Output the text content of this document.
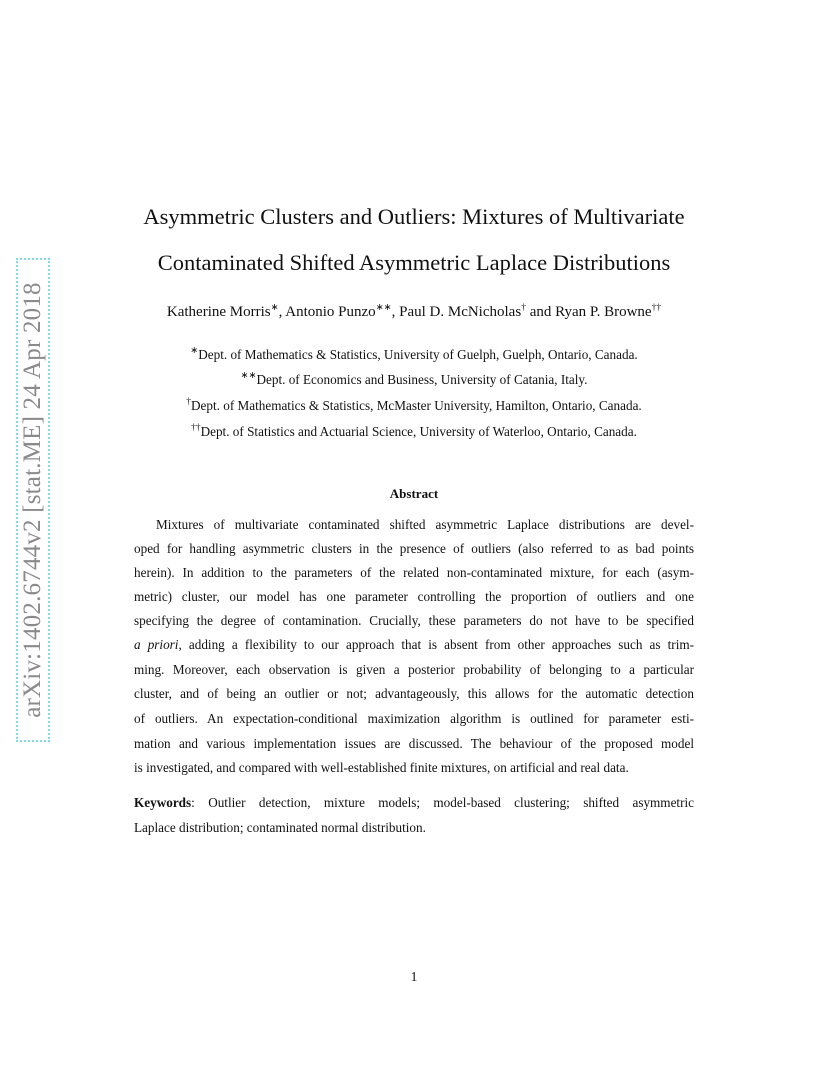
arXiv:1402.6744v2 [stat.ME] 24 Apr 2018
Asymmetric Clusters and Outliers: Mixtures of Multivariate
Contaminated Shifted Asymmetric Laplace Distributions
Katherine Morris∗, Antonio Punzo∗∗, Paul D. McNicholas† and Ryan P. Browne††
∗Dept. of Mathematics & Statistics, University of Guelph, Guelph, Ontario, Canada.
∗∗Dept. of Economics and Business, University of Catania, Italy.
†Dept. of Mathematics & Statistics, McMaster University, Hamilton, Ontario, Canada.
††Dept. of Statistics and Actuarial Science, University of Waterloo, Ontario, Canada.
Abstract
Mixtures of multivariate contaminated shifted asymmetric Laplace distributions are devel-
oped for handling asymmetric clusters in the presence of outliers (also referred to as bad points
herein). In addition to the parameters of the related non-contaminated mixture, for each (asym-
metric) cluster, our model has one parameter controlling the proportion of outliers and one
specifying the degree of contamination. Crucially, these parameters do not have to be specified
a priori, adding a flexibility to our approach that is absent from other approaches such as trim-
ming. Moreover, each observation is given a posterior probability of belonging to a particular
cluster, and of being an outlier or not; advantageously, this allows for the automatic detection
of outliers. An expectation-conditional maximization algorithm is outlined for parameter esti-
mation and various implementation issues are discussed. The behaviour of the proposed model
is investigated, and compared with well-established finite mixtures, on artificial and real data.
Keywords: Outlier detection, mixture models; model-based clustering; shifted asymmetric
Laplace distribution; contaminated normal distribution.
1
